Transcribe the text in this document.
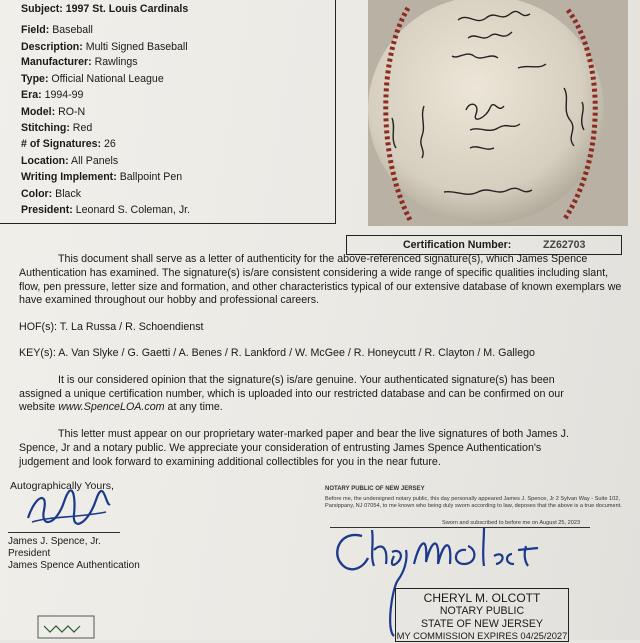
Subject: 1997 St. Louis Cardinals
Field: Baseball
Description: Multi Signed Baseball
Manufacturer: Rawlings
Type: Official National League
Era: 1994-99
Model: RO-N
Stitching: Red
# of Signatures: 26
Location: All Panels
Writing Implement: Ballpoint Pen
Color: Black
President: Leonard S. Coleman, Jr.
Certification Number:	ZZ62703
This document shall serve as a letter of authenticity for the above-referenced signature(s), which James Spence
Authentication has examined. The signature(s) is/are consistent considering a wide range of specific qualities including slant, flow, pen pressure, letter size and formation, and other characteristics typical of our extensive database of known exemplars we have examined throughout our hobby and professional careers.
HOF(s): T. La Russa / R. Schoendienst
KEY(s): A. Van Slyke / G. Gaetti / A. Benes / R. Lankford / W. McGee / R. Honeycutt / R. Clayton / M. Gallego
It is our considered opinion that the signature(s) is/are genuine. Your authenticated signature(s) has been
assigned a unique certification number, which is uploaded into our restricted database and can be confirmed on our
website www.SpenceLOA.com at any time.
This letter must appear on our proprietary water-marked paper and bear the live signatures of both James J.
Spence, Jr and a notary public. We appreciate your consideration of entrusting James Spence Authentication's judgement and look forward to examining additional collectibles for you in the near future.
Autographically Yours,
James J. Spence, Jr.
President
James Spence Authentication
NOTARY PUBLIC OF NEW JERSEY
Before me, the undersigned notary public, this day personally appeared James J. Spence, Jr 2 Sylvan Way - Suite 102, Parsippany, NJ 07054, to me known who being duly sworn according to law, deposes that the above is a true document.
Sworn and subscribed to before me on August 25, 2023
CHERYL M. OLCOTT
NOTARY PUBLIC
STATE OF NEW JERSEY
MY COMMISSION EXPIRES 04/25/2027
